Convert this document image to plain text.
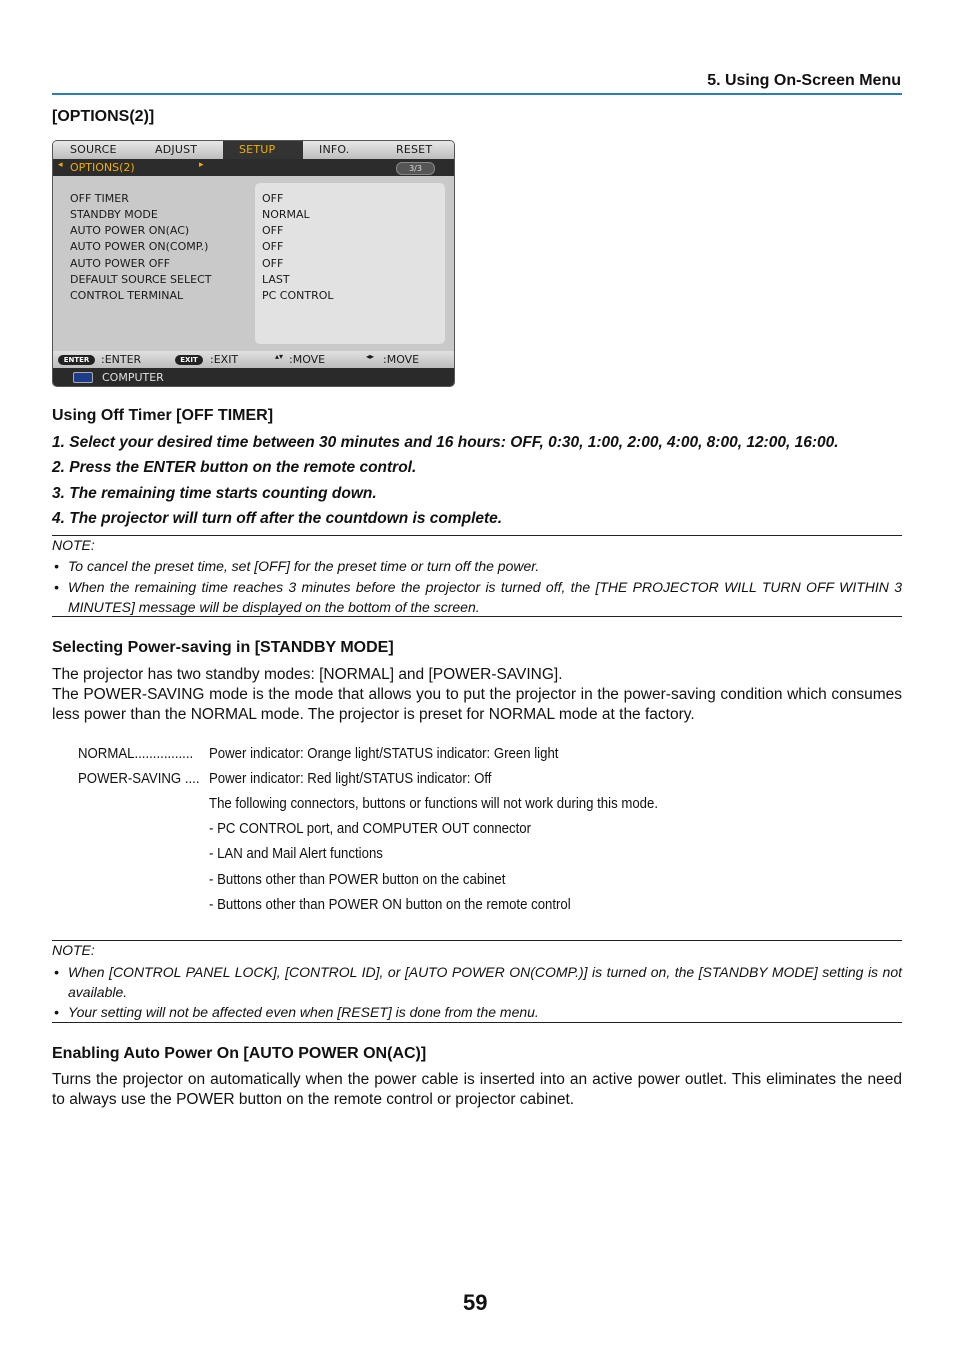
5. Using On-Screen Menu
[OPTIONS(2)]
SOURCE	ADJUST	SETUP	INFO.	RESET
◂ OPTIONS(2)	▸	3/3
OFF TIMER	OFF
STANDBY MODE	NORMAL
AUTO POWER ON(AC)	OFF
AUTO POWER ON(COMP.)	OFF
AUTO POWER OFF	OFF
DEFAULT SOURCE SELECT	LAST
CONTROL TERMINAL	PC CONTROL
ENTER	:ENTER	EXIT	:EXIT	▴▾ :MOVE	◂▸ :MOVE
COMPUTER
Using Off Timer [OFF TIMER]
1. Select your desired time between 30 minutes and 16 hours: OFF, 0:30, 1:00, 2:00, 4:00, 8:00, 12:00, 16:00.
2. Press the ENTER button on the remote control.
3. The remaining time starts counting down.
4. The projector will turn off after the countdown is complete.
NOTE:
• To cancel the preset time, set [OFF] for the preset time or turn off the power.
• When the remaining time reaches 3 minutes before the projector is turned off, the [THE PROJECTOR WILL TURN OFF WITHIN 3 MINUTES] message will be displayed on the bottom of the screen.
Selecting Power-saving in [STANDBY MODE]
The projector has two standby modes: [NORMAL] and [POWER-SAVING].
The POWER-SAVING mode is the mode that allows you to put the projector in the power-saving condition which consumes less power than the NORMAL mode. The projector is preset for NORMAL mode at the factory.
NORMAL................ Power indicator: Orange light/STATUS indicator: Green light
POWER-SAVING .... Power indicator: Red light/STATUS indicator: Off
The following connectors, buttons or functions will not work during this mode.
- PC CONTROL port, and COMPUTER OUT connector
- LAN and Mail Alert functions
- Buttons other than POWER button on the cabinet
- Buttons other than POWER ON button on the remote control
NOTE:
• When [CONTROL PANEL LOCK], [CONTROL ID], or [AUTO POWER ON(COMP.)] is turned on, the [STANDBY MODE] setting is not available.
• Your setting will not be affected even when [RESET] is done from the menu.
Enabling Auto Power On [AUTO POWER ON(AC)]
Turns the projector on automatically when the power cable is inserted into an active power outlet. This eliminates the need to always use the POWER button on the remote control or projector cabinet.
59
